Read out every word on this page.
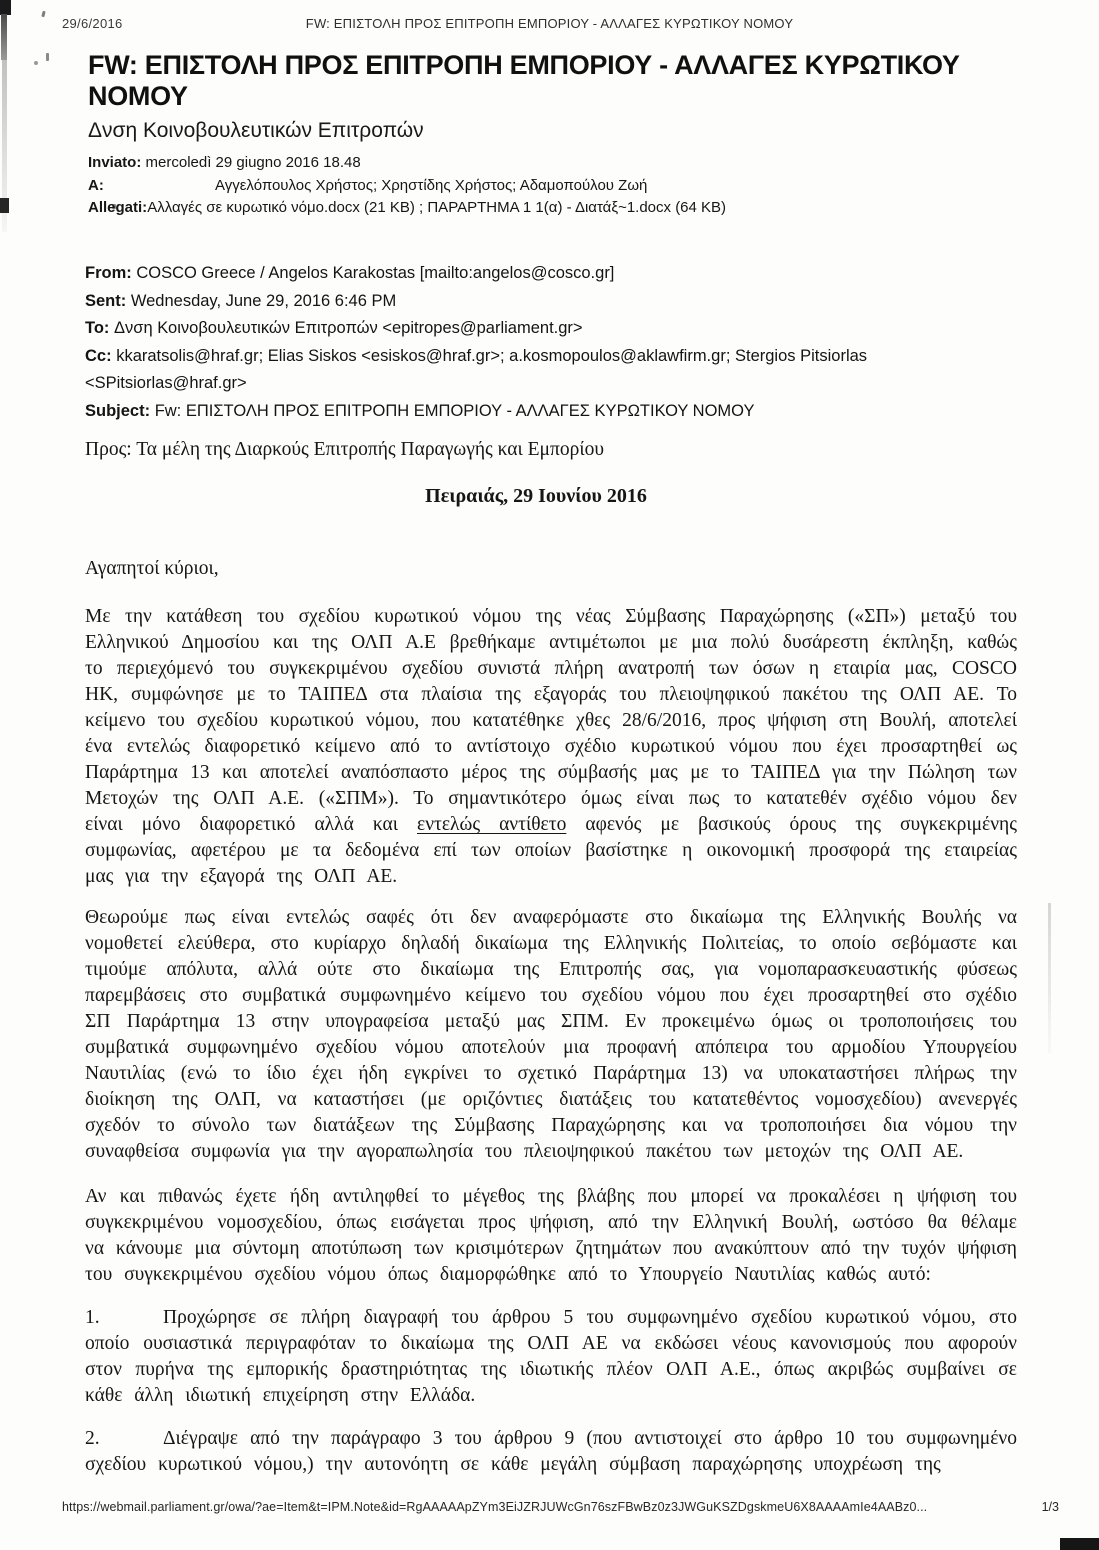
FW: ΕΠΙΣΤΟΛΗ ΠΡΟΣ ΕΠΙΤΡΟΠΗ ΕΜΠΟΡΙΟΥ - ΑΛΛΑΓΕΣ ΚΥΡΩΤΙΚΟΥ ΝΟΜΟΥ
29/6/2016
FW: ΕΠΙΣΤΟΛΗ ΠΡΟΣ ΕΠΙΤΡΟΠΗ ΕΜΠΟΡΙΟΥ - ΑΛΛΑΓΕΣ ΚΥΡΩΤΙΚΟΥ ΝΟΜΟΥ
Δνση Κοινοβουλευτικών Επιτροπών
Inviato: mercoledì 29 giugno 2016 18.48
A:	Αγγελόπουλος Χρήστος; Χρηστίδης Χρήστος; Αδαμοπούλου Ζωή
Allegati:Αλλαγές σε κυρωτικό νόμο.docx (21 KB) ; ΠΑΡΑΡΤΗΜΑ 1 1(α) - Διατάξ~1.docx (64 KB)

From: COSCO Greece / Angelos Karakostas [mailto:angelos@cosco.gr]

Sent: Wednesday, June 29, 2016 6:46 PM

To: Δνση Κοινοβουλευτικών Επιτροπών <epitropes@parliament.gr>

Cc: kkaratsolis@hraf.gr; Elias Siskos <esiskos@hraf.gr>; a.kosmopoulos@aklawfirm.gr; Stergios Pitsiorlas <SPitsiorlas@hraf.gr>

Subject: Fw: ΕΠΙΣΤΟΛΗ ΠΡΟΣ ΕΠΙΤΡΟΠΗ ΕΜΠΟΡΙΟΥ - ΑΛΛΑΓΕΣ ΚΥΡΩΤΙΚΟΥ ΝΟΜΟΥ

Προς: Τα μέλη της Διαρκούς Επιτροπής Παραγωγής και Εμπορίου

Πειραιάς, 29 Ιουνίου 2016

Αγαπητοί κύριοι,

Με την κατάθεση του σχεδίου κυρωτικού νόμου της νέας Σύμβασης Παραχώρησης («ΣΠ») μεταξύ του Ελληνικού Δημοσίου και της ΟΛΠ Α.Ε βρεθήκαμε αντιμέτωποι με μια πολύ δυσάρεστη έκπληξη, καθώς το περιεχόμενό του συγκεκριμένου σχεδίου συνιστά πλήρη ανατροπή των όσων η εταιρία μας, COSCO HK, συμφώνησε με το ΤΑΙΠΕΔ στα πλαίσια της εξαγοράς του πλειοψηφικού πακέτου της ΟΛΠ ΑΕ. Το κείμενο του σχεδίου κυρωτικού νόμου, που κατατέθηκε χθες 28/6/2016, προς ψήφιση στη Βουλή, αποτελεί ένα εντελώς διαφορετικό κείμενο από το αντίστοιχο σχέδιο κυρωτικού νόμου που έχει προσαρτηθεί ως Παράρτημα 13 και αποτελεί αναπόσπαστο μέρος της σύμβασής μας με το ΤΑΙΠΕΔ για την Πώληση των Μετοχών της ΟΛΠ Α.Ε. («ΣΠΜ»). Το σημαντικότερο όμως είναι πως το κατατεθέν σχέδιο νόμου δεν είναι μόνο διαφορετικό αλλά και εντελώς αντίθετο αφενός με βασικούς όρους της συγκεκριμένης συμφωνίας, αφετέρου με τα δεδομένα επί των οποίων βασίστηκε η οικονομική προσφορά της εταιρείας μας για την εξαγορά της ΟΛΠ ΑΕ.

Θεωρούμε πως είναι εντελώς σαφές ότι δεν αναφερόμαστε στο δικαίωμα της Ελληνικής Βουλής να νομοθετεί ελεύθερα, στο κυρίαρχο δηλαδή δικαίωμα της Ελληνικής Πολιτείας, το οποίο σεβόμαστε και τιμούμε απόλυτα, αλλά ούτε στο δικαίωμα της Επιτροπής σας, για νομοπαρασκευαστικής φύσεως παρεμβάσεις στο συμβατικά συμφωνημένο κείμενο του σχεδίου νόμου που έχει προσαρτηθεί στο σχέδιο ΣΠ Παράρτημα 13 στην υπογραφείσα μεταξύ μας ΣΠΜ. Εν προκειμένω όμως οι τροποποιήσεις του συμβατικά συμφωνημένο σχεδίου νόμου αποτελούν μια προφανή απόπειρα του αρμοδίου Υπουργείου Ναυτιλίας (ενώ το ίδιο έχει ήδη εγκρίνει το σχετικό Παράρτημα 13) να υποκαταστήσει πλήρως την διοίκηση της ΟΛΠ, να καταστήσει (με οριζόντιες διατάξεις του κατατεθέντος νομοσχεδίου) ανενεργές σχεδόν το σύνολο των διατάξεων της Σύμβασης Παραχώρησης και να τροποποιήσει δια νόμου την συναφθείσα συμφωνία για την αγοραπωλησία του πλειοψηφικού πακέτου των μετοχών της ΟΛΠ ΑΕ.

Αν και πιθανώς έχετε ήδη αντιληφθεί το μέγεθος της βλάβης που μπορεί να προκαλέσει η ψήφιση του συγκεκριμένου νομοσχεδίου, όπως εισάγεται προς ψήφιση, από την Ελληνική Βουλή, ωστόσο θα θέλαμε να κάνουμε μια σύντομη αποτύπωση των κρισιμότερων ζητημάτων που ανακύπτουν από την τυχόν ψήφιση του συγκεκριμένου σχεδίου νόμου όπως διαμορφώθηκε από το Υπουργείο Ναυτιλίας καθώς αυτό:

1.	Προχώρησε σε πλήρη διαγραφή του άρθρου 5 του συμφωνημένο σχεδίου κυρωτικού νόμου, στο οποίο ουσιαστικά περιγραφόταν το δικαίωμα της ΟΛΠ ΑΕ να εκδώσει νέους κανονισμούς που αφορούν στον πυρήνα της εμπορικής δραστηριότητας της ιδιωτικής πλέον ΟΛΠ Α.Ε., όπως ακριβώς συμβαίνει σε κάθε άλλη ιδιωτική επιχείρηση στην Ελλάδα.

2.	Διέγραψε από την παράγραφο 3 του άρθρου 9 (που αντιστοιχεί στο άρθρο 10 του συμφωνημένο σχεδίου κυρωτικού νόμου,) την αυτονόητη σε κάθε μεγάλη σύμβαση παραχώρησης υποχρέωση της

https://webmail.parliament.gr/owa/?ae=Item&t=IPM.Note&id=RgAAAAApZYm3EiJZRJUWcGn76szFBwBz0z3JWGuKSZDgskmeU6X8AAAAmIe4AABz0...	1/3
